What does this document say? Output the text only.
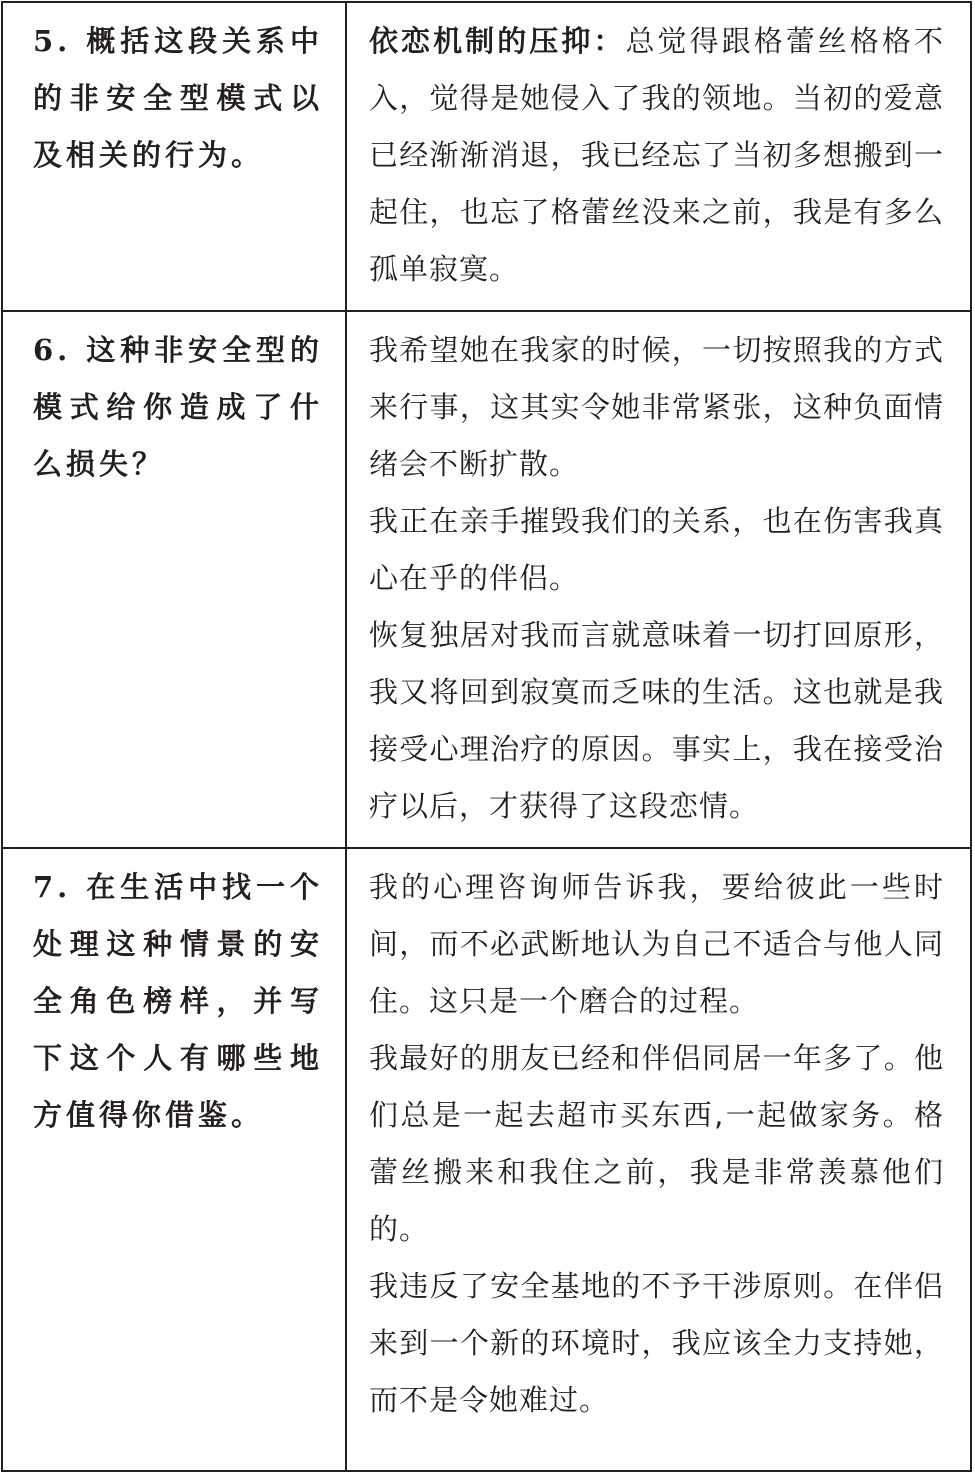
5. 概括这段关系中的非安全型模式以及相关的行为。

依恋机制的压抑：总觉得跟格蕾丝格格不入，觉得是她侵入了我的领地。当初的爱意已经渐渐消退，我已经忘了当初多想搬到一起住，也忘了格蕾丝没来之前，我是有多么孤单寂寞。

6. 这种非安全型的模式给你造成了什么损失？

我希望她在我家的时候，一切按照我的方式来行事，这其实令她非常紧张，这种负面情绪会不断扩散。

我正在亲手摧毁我们的关系，也在伤害我真心在乎的伴侣。

恢复独居对我而言就意味着一切打回原形，我又将回到寂寞而乏味的生活。这也就是我接受心理治疗的原因。事实上，我在接受治疗以后，才获得了这段恋情。

7. 在生活中找一个处理这种情景的安全角色榜样，并写下这个人有哪些地方值得你借鉴。

我的心理咨询师告诉我，要给彼此一些时间，而不必武断地认为自己不适合与他人同住。这只是一个磨合的过程。

我最好的朋友已经和伴侣同居一年多了。他们总是一起去超市买东西,一起做家务。格蕾丝搬来和我住之前，我是非常羡慕他们的。

我违反了安全基地的不予干涉原则。在伴侣来到一个新的环境时，我应该全力支持她，而不是令她难过。
